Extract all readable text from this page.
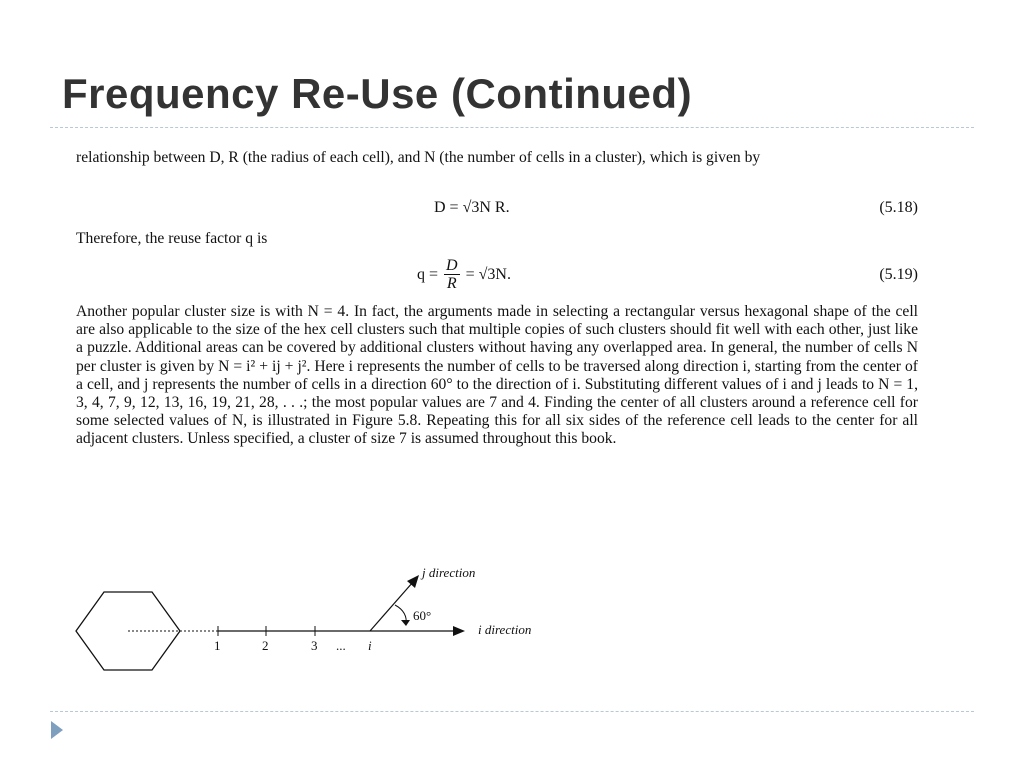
Frequency Re-Use (Continued)
relationship between D, R (the radius of each cell), and N (the number of cells in a cluster), which is given by
D = √3N R.	(5.18)
Therefore, the reuse factor q is
$q = \frac{D}{R} = √3N$.	(5.19)
Another popular cluster size is with N = 4. In fact, the arguments made in selecting a rectangular versus hexagonal shape of the cell are also applicable to the size of the hex cell clusters such that multiple copies of such clusters should fit well with each other, just like a puzzle. Additional areas can be covered by additional clusters without having any overlapped area. In general, the number of cells N per cluster is given by N = i² + ij + j². Here i represents the number of cells to be traversed along direction i, starting from the center of a cell, and j represents the number of cells in a direction 60° to the direction of i. Substituting different values of i and j leads to N = 1, 3, 4, 7, 9, 12, 13, 16, 19, 21, 28, . . .; the most popular values are 7 and 4. Finding the center of all clusters around a reference cell for some selected values of N, is illustrated in Figure 5.8. Repeating this for all six sides of the reference cell leads to the center for all adjacent clusters. Unless specified, a cluster of size 7 is assumed throughout this book.
j direction
i direction
60°
1	2	3 ... i
